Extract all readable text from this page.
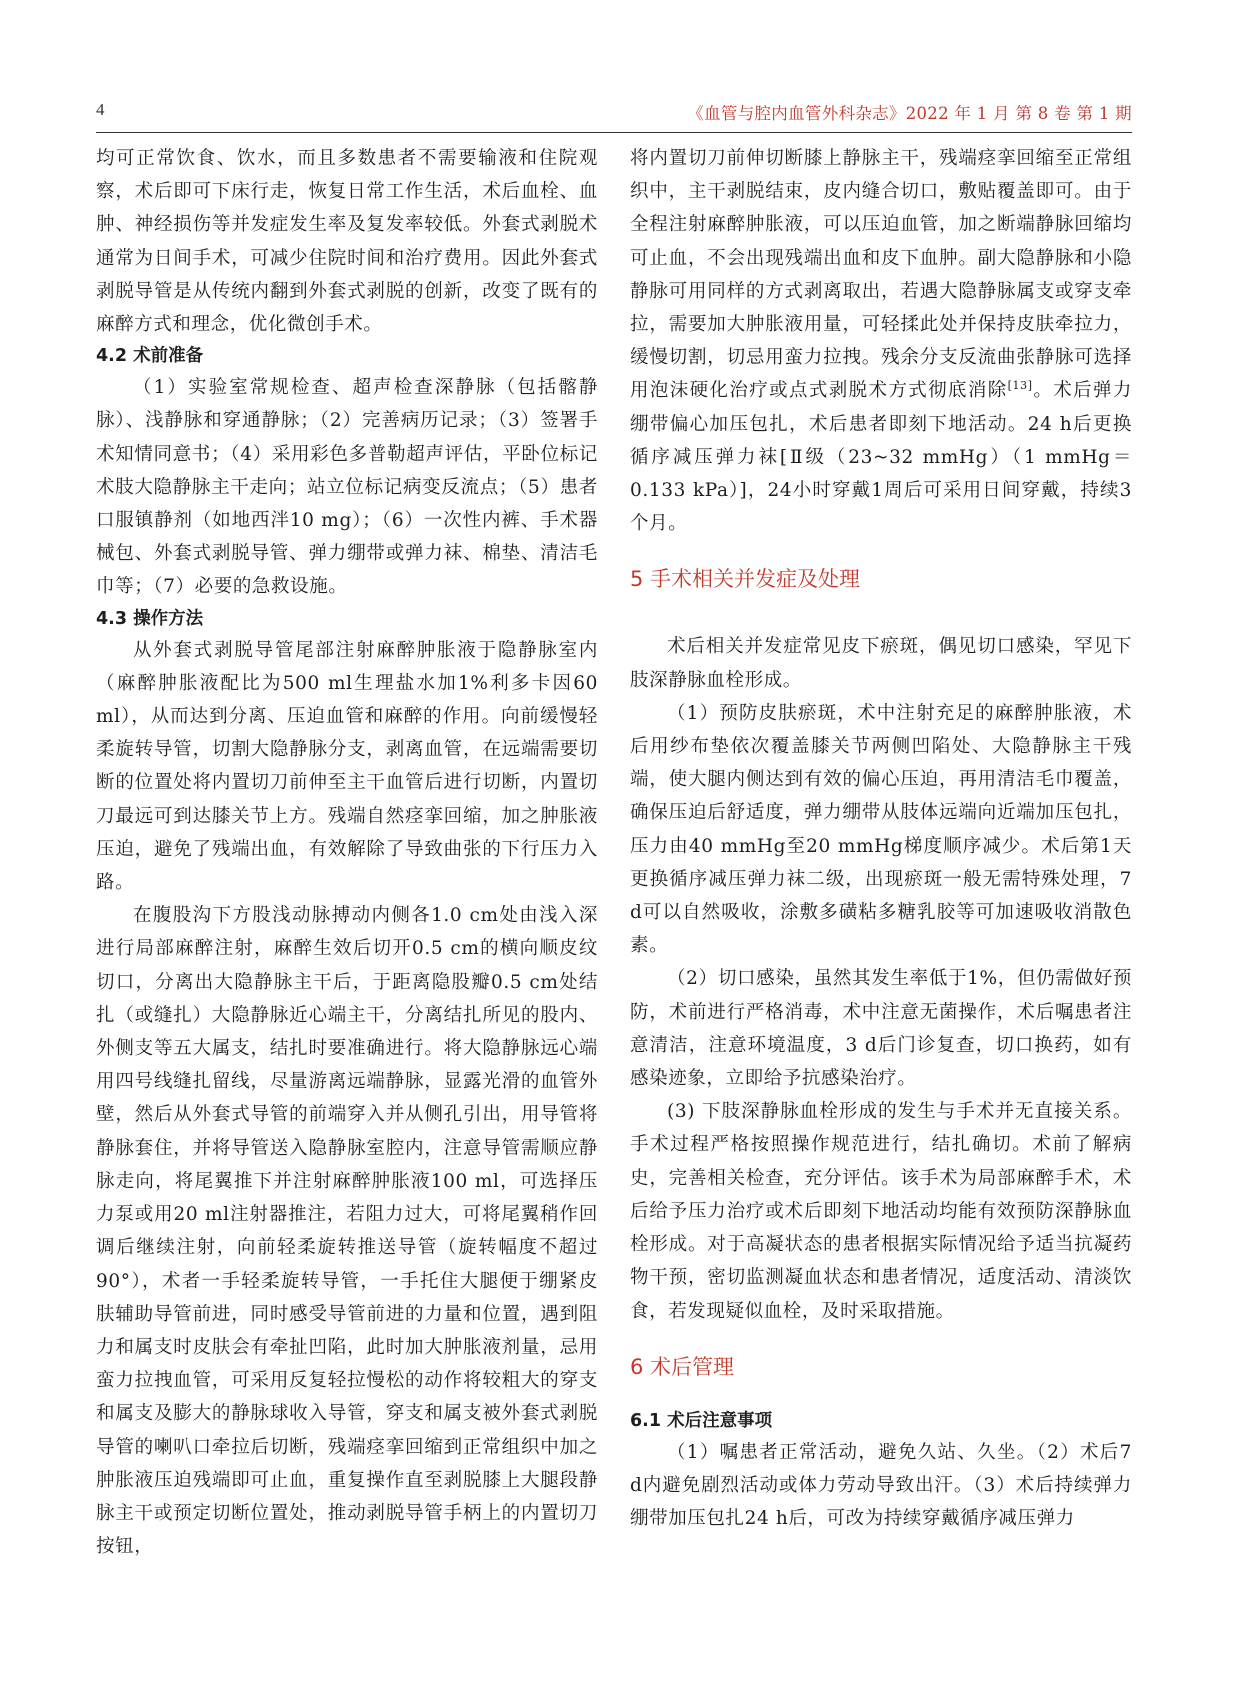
4	《血管与腔内血管外科杂志》2022 年 1 月 第 8 卷 第 1 期

均可正常饮食、饮水，而且多数患者不需要输液和住院观察，术后即可下床行走，恢复日常工作生活，术后血栓、血肿、神经损伤等并发症发生率及复发率较低。外套式剥脱术通常为日间手术，可减少住院时间和治疗费用。因此外套式剥脱导管是从传统内翻到外套式剥脱的创新，改变了既有的麻醉方式和理念，优化微创手术。

4.2 术前准备

（1）实验室常规检查、超声检查深静脉（包括髂静脉）、浅静脉和穿通静脉；（2）完善病历记录；（3）签署手术知情同意书；（4）采用彩色多普勒超声评估，平卧位标记术肢大隐静脉主干走向；站立位标记病变反流点；（5）患者口服镇静剂（如地西泮10 mg）；（6）一次性内裤、手术器械包、外套式剥脱导管、弹力绷带或弹力袜、棉垫、清洁毛巾等；（7）必要的急救设施。

4.3 操作方法

从外套式剥脱导管尾部注射麻醉肿胀液于隐静脉室内（麻醉肿胀液配比为500 ml生理盐水加1%利多卡因60 ml），从而达到分离、压迫血管和麻醉的作用。向前缓慢轻柔旋转导管，切割大隐静脉分支，剥离血管，在远端需要切断的位置处将内置切刀前伸至主干血管后进行切断，内置切刀最远可到达膝关节上方。残端自然痉挛回缩，加之肿胀液压迫，避免了残端出血，有效解除了导致曲张的下行压力入路。

在腹股沟下方股浅动脉搏动内侧各1.0 cm处由浅入深进行局部麻醉注射，麻醉生效后切开0.5 cm的横向顺皮纹切口，分离出大隐静脉主干后，于距离隐股瓣0.5 cm处结扎（或缝扎）大隐静脉近心端主干，分离结扎所见的股内、外侧支等五大属支，结扎时要准确进行。将大隐静脉远心端用四号线缝扎留线，尽量游离远端静脉，显露光滑的血管外壁，然后从外套式导管的前端穿入并从侧孔引出，用导管将静脉套住，并将导管送入隐静脉室腔内，注意导管需顺应静脉走向，将尾翼推下并注射麻醉肿胀液100 ml，可选择压力泵或用20 ml注射器推注，若阻力过大，可将尾翼稍作回调后继续注射，向前轻柔旋转推送导管（旋转幅度不超过90°），术者一手轻柔旋转导管，一手托住大腿便于绷紧皮肤辅助导管前进，同时感受导管前进的力量和位置，遇到阻力和属支时皮肤会有牵扯凹陷，此时加大肿胀液剂量，忌用蛮力拉拽血管，可采用反复轻拉慢松的动作将较粗大的穿支和属支及膨大的静脉球收入导管，穿支和属支被外套式剥脱导管的喇叭口牵拉后切断，残端痉挛回缩到正常组织中加之肿胀液压迫残端即可止血，重复操作直至剥脱膝上大腿段静脉主干或预定切断位置处，推动剥脱导管手柄上的内置切刀按钮，

将内置切刀前伸切断膝上静脉主干，残端痉挛回缩至正常组织中，主干剥脱结束，皮内缝合切口，敷贴覆盖即可。由于全程注射麻醉肿胀液，可以压迫血管，加之断端静脉回缩均可止血，不会出现残端出血和皮下血肿。副大隐静脉和小隐静脉可用同样的方式剥离取出，若遇大隐静脉属支或穿支牵拉，需要加大肿胀液用量，可轻揉此处并保持皮肤牵拉力，缓慢切割，切忌用蛮力拉拽。残余分支反流曲张静脉可选择用泡沫硬化治疗或点式剥脱术方式彻底消除[13]。术后弹力绷带偏心加压包扎，术后患者即刻下地活动。24 h后更换循序减压弹力袜[Ⅱ级（23~32 mmHg）（1 mmHg＝0.133 kPa）]，24小时穿戴1周后可采用日间穿戴，持续3个月。

5 手术相关并发症及处理

术后相关并发症常见皮下瘀斑，偶见切口感染，罕见下肢深静脉血栓形成。

（1）预防皮肤瘀斑，术中注射充足的麻醉肿胀液，术后用纱布垫依次覆盖膝关节两侧凹陷处、大隐静脉主干残端，使大腿内侧达到有效的偏心压迫，再用清洁毛巾覆盖，确保压迫后舒适度，弹力绷带从肢体远端向近端加压包扎，压力由40 mmHg至20 mmHg梯度顺序减少。术后第1天更换循序减压弹力袜二级，出现瘀斑一般无需特殊处理，7 d可以自然吸收，涂敷多磺粘多糖乳胶等可加速吸收消散色素。

（2）切口感染，虽然其发生率低于1%，但仍需做好预防，术前进行严格消毒，术中注意无菌操作，术后嘱患者注意清洁，注意环境温度，3 d后门诊复查，切口换药，如有感染迹象，立即给予抗感染治疗。

(3) 下肢深静脉血栓形成的发生与手术并无直接关系。手术过程严格按照操作规范进行，结扎确切。术前了解病史，完善相关检查，充分评估。该手术为局部麻醉手术，术后给予压力治疗或术后即刻下地活动均能有效预防深静脉血栓形成。对于高凝状态的患者根据实际情况给予适当抗凝药物干预，密切监测凝血状态和患者情况，适度活动、清淡饮食，若发现疑似血栓，及时采取措施。

6 术后管理
6.1 术后注意事项

（1）嘱患者正常活动，避免久站、久坐。（2）术后7 d内避免剧烈活动或体力劳动导致出汗。（3）术后持续弹力绷带加压包扎24 h后，可改为持续穿戴循序减压弹力
